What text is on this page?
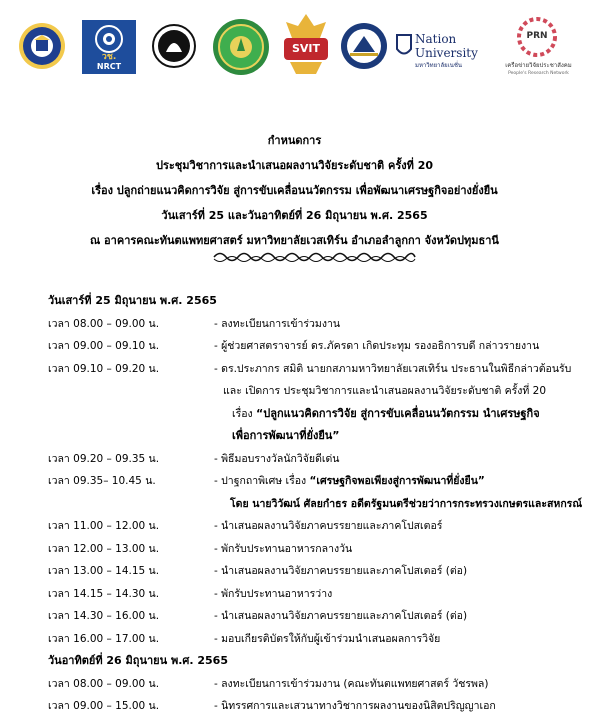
วช.
NRCT
SVIT
Nation
University
มหาวิทยาลัยเนชั่น
PRN
เครือข่ายวิจัยประชาสังคม
People's Research Network
กำหนดการ
ประชุมวิชาการและนำเสนอผลงานวิจัยระดับชาติ ครั้งที่ 20
เรื่อง ปลูกถ่ายแนวคิดการวิจัย สู่การขับเคลื่อนนวัตกรรม เพื่อพัฒนาเศรษฐกิจอย่างยั่งยืน
วันเสาร์ที่ 25 และวันอาทิตย์ที่ 26 มิถุนายน พ.ศ. 2565
ณ อาคารคณะทันตแพทยศาสตร์ มหาวิทยาลัยเวสเทิร์น อำเภอลำลูกกา จังหวัดปทุมธานี
วันเสาร์ที่ 25 มิถุนายน พ.ศ. 2565
เวลา 08.00 – 09.00 น.	- ลงทะเบียนการเข้าร่วมงาน
เวลา 09.00 – 09.10 น.	- ผู้ช่วยศาสตราจารย์ ดร.ภัครดา เกิดประทุม รองอธิการบดี กล่าวรายงาน
เวลา 09.10 – 09.20 น.	- ดร.ประภากร สมิติ นายกสภามหาวิทยาลัยเวสเทิร์น ประธานในพิธีกล่าวต้อนรับ
และ เปิดการ ประชุมวิชาการและนำเสนอผลงานวิจัยระดับชาติ ครั้งที่ 20
เรื่อง “ปลูกแนวคิดการวิจัย สู่การขับเคลื่อนนวัตกรรม นำเศรษฐกิจ
เพื่อการพัฒนาที่ยั่งยืน”
เวลา 09.20 – 09.35 น.	- พิธีมอบรางวัลนักวิจัยดีเด่น
เวลา 09.35– 10.45 น.	- ปาฐกถาพิเศษ เรื่อง “เศรษฐกิจพอเพียงสู่การพัฒนาที่ยั่งยืน”
โดย นายวิวัฒน์ ศัลยกำธร อดีตรัฐมนตรีช่วยว่าการกระทรวงเกษตรและสหกรณ์
เวลา 11.00 – 12.00 น.	- นำเสนอผลงานวิจัยภาคบรรยายและภาคโปสเตอร์
เวลา 12.00 – 13.00 น.	- พักรับประทานอาหารกลางวัน
เวลา 13.00 – 14.15 น.	- นำเสนอผลงานวิจัยภาคบรรยายและภาคโปสเตอร์ (ต่อ)
เวลา 14.15 – 14.30 น.	- พักรับประทานอาหารว่าง
เวลา 14.30 – 16.00 น.	- นำเสนอผลงานวิจัยภาคบรรยายและภาคโปสเตอร์ (ต่อ)
เวลา 16.00 – 17.00 น.	- มอบเกียรติบัตรให้กับผู้เข้าร่วมนำเสนอผลการวิจัย
วันอาทิตย์ที่ 26 มิถุนายน พ.ศ. 2565
เวลา 08.00 – 09.00 น.	- ลงทะเบียนการเข้าร่วมงาน (คณะทันตแพทยศาสตร์ วัชรพล)
เวลา 09.00 – 15.00 น.	- นิทรรศการและเสวนาทางวิชาการผลงานของนิสิตปริญญาเอก
